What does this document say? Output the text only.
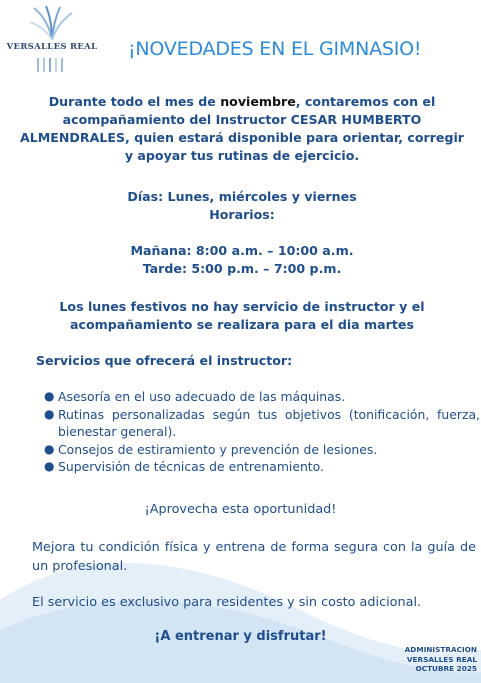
VERSALLES REAL ¡NOVEDADES EN EL GIMNASIO!
Durante todo el mes de noviembre, contaremos con el acompañamiento del Instructor CESAR HUMBERTO ALMENDRALES, quien estará disponible para orientar, corregir y apoyar tus rutinas de ejercicio.
Días: Lunes, miércoles y viernes
Horarios:
Mañana: 8:00 a.m. – 10:00 a.m.
Tarde: 5:00 p.m. – 7:00 p.m.
Los lunes festivos no hay servicio de instructor y el acompañamiento se realizara para el dia martes
Servicios que ofrecerá el instructor:
● Asesoría en el uso adecuado de las máquinas.
● Rutinas personalizadas según tus objetivos (tonificación, fuerza, bienestar general).
● Consejos de estiramiento y prevención de lesiones.
● Supervisión de técnicas de entrenamiento.
¡Aprovecha esta oportunidad!
Mejora tu condición física y entrena de forma segura con la guía de un profesional.
El servicio es exclusivo para residentes y sin costo adicional.
¡A entrenar y disfrutar!
ADMINISTRACION
VERSALLES REAL
OCTUBRE 2025
